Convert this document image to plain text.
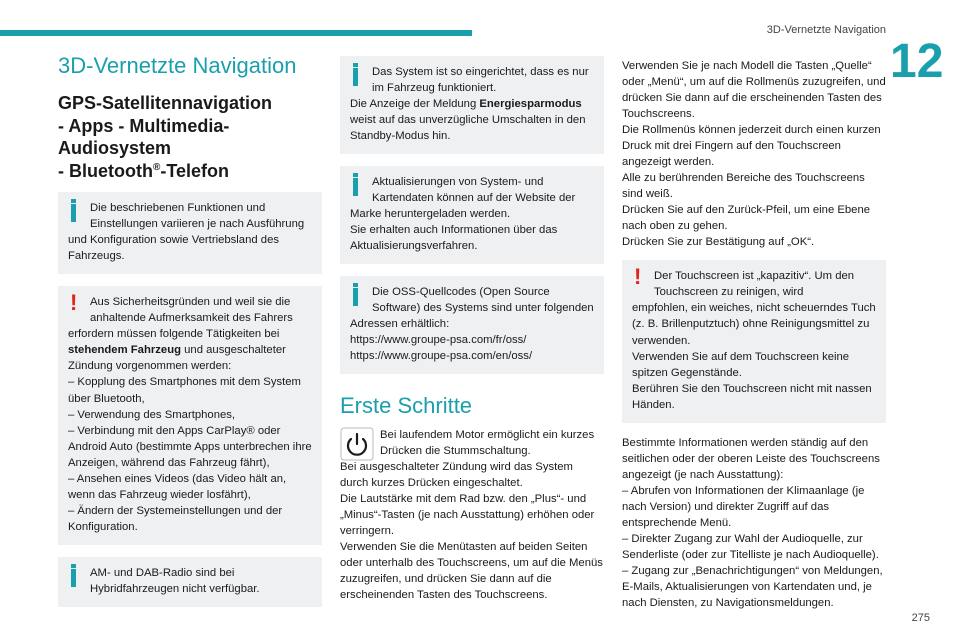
3D-Vernetzte Navigation
12
275
3D-Vernetzte Navigation
GPS-Satellitennavigation
- Apps - Multimedia-
Audiosystem
- Bluetooth®-Telefon
Die beschriebenen Funktionen und Einstellungen variieren je nach Ausführung

und Konfiguration sowie Vertriebsland des Fahrzeugs.

! Aus Sicherheitsgründen und weil sie die anhaltende Aufmerksamkeit des Fahrers

erfordern müssen folgende Tätigkeiten bei stehendem Fahrzeug und ausgeschalteter Zündung vorgenommen werden:

– Kopplung des Smartphones mit dem System über Bluetooth,

– Verwendung des Smartphones,

– Verbindung mit den Apps CarPlay® oder Android Auto (bestimmte Apps unterbrechen ihre Anzeigen, während das Fahrzeug fährt),

– Ansehen eines Videos (das Video hält an, wenn das Fahrzeug wieder losfährt),

– Ändern der Systemeinstellungen und der Konfiguration.

AM- und DAB-Radio sind bei Hybridfahrzeugen nicht verfügbar.
Das System ist so eingerichtet, dass es nur im Fahrzeug funktioniert.

Die Anzeige der Meldung Energiesparmodus weist auf das unverzügliche Umschalten in den Standby-Modus hin.

Aktualisierungen von System- und Kartendaten können auf der Website der

Marke heruntergeladen werden.

Sie erhalten auch Informationen über das Aktualisierungsverfahren.

Die OSS-Quellcodes (Open Source Software) des Systems sind unter folgenden

Adressen erhältlich:

https://www.groupe-psa.com/fr/oss/

https://www.groupe-psa.com/en/oss/

Erste Schritte

Bei laufendem Motor ermöglicht ein kurzes Drücken die Stummschaltung.

Bei ausgeschalteter Zündung wird das System durch kurzes Drücken eingeschaltet.

Die Lautstärke mit dem Rad bzw. den „Plus“- und „Minus“-Tasten (je nach Ausstattung) erhöhen oder verringern.

Verwenden Sie die Menütasten auf beiden Seiten oder unterhalb des Touchscreens, um auf die Menüs zuzugreifen, und drücken Sie dann auf die erscheinenden Tasten des Touchscreens.

Verwenden Sie je nach Modell die Tasten „Quelle“ oder „Menü“, um auf die Rollmenüs zuzugreifen, und drücken Sie dann auf die erscheinenden Tasten des Touchscreens.

Die Rollmenüs können jederzeit durch einen kurzen Druck mit drei Fingern auf den Touchscreen angezeigt werden.

Alle zu berührenden Bereiche des Touchscreens sind weiß.

Drücken Sie auf den Zurück-Pfeil, um eine Ebene nach oben zu gehen.

Drücken Sie zur Bestätigung auf „OK“.

! Der Touchscreen ist „kapazitiv“. Um den Touchscreen zu reinigen, wird

empfohlen, ein weiches, nicht scheuerndes Tuch (z. B. Brillenputztuch) ohne Reinigungsmittel zu verwenden.

Verwenden Sie auf dem Touchscreen keine spitzen Gegenstände.

Berühren Sie den Touchscreen nicht mit nassen Händen.

Bestimmte Informationen werden ständig auf den seitlichen oder der oberen Leiste des Touchscreens angezeigt (je nach Ausstattung):

– Abrufen von Informationen der Klimaanlage (je nach Version) und direkter Zugriff auf das entsprechende Menü.

– Direkter Zugang zur Wahl der Audioquelle, zur Senderliste (oder zur Titelliste je nach Audioquelle).

– Zugang zur „Benachrichtigungen“ von Meldungen, E-Mails, Aktualisierungen von Kartendaten und, je nach Diensten, zu Navigationsmeldungen.
